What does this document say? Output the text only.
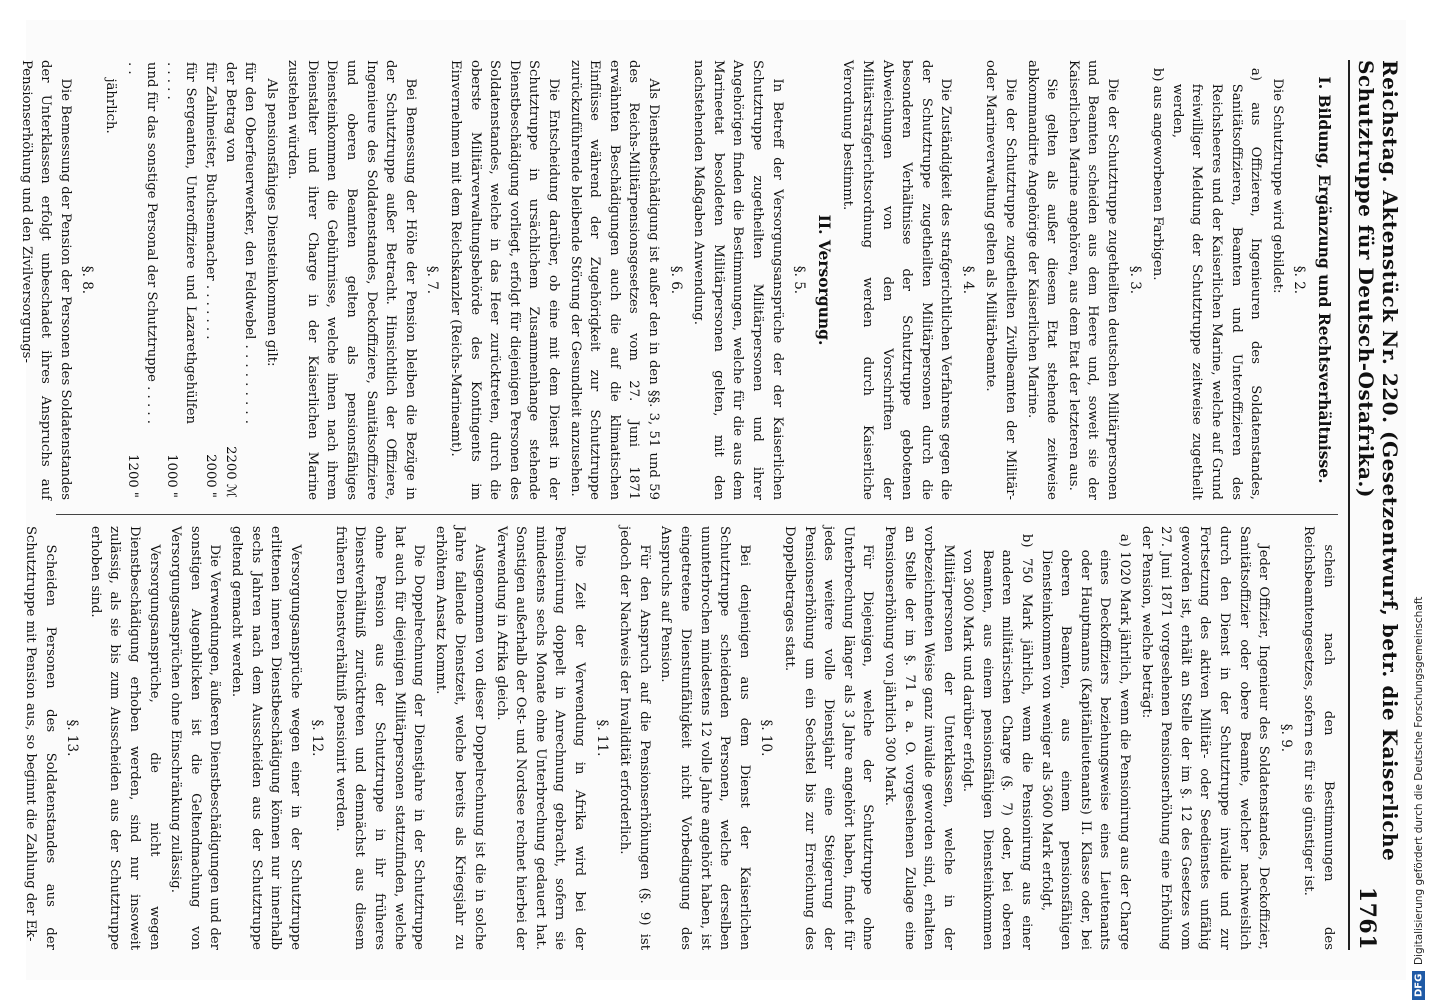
Reichstag. Aktenstück Nr. 220. (Gesetzentwurf, betr. die Kaiserliche Schutztruppe für Deutsch-Ostafrika.)
1761
I. Bildung, Ergänzung und Rechtsverhältnisse.
§. 2.

Die Schutztruppe wird gebildet:

a) aus Offizieren, Ingenieuren des Soldatenstandes, Sanitätsoffizieren, Beamten und Unteroffizieren des Reichsheeres und der Kaiserlichen Marine, welche auf Grund freiwilliger Meldung der Schutztruppe zeitweise zugetheilt werden,

b) aus angeworbenen Farbigen.

§. 3.

Die der Schutztruppe zugetheilten deutschen Militärpersonen und Beamten scheiden aus dem Heere und, soweit sie der Kaiserlichen Marine angehören, aus dem Etat der letzteren aus.

Sie gelten als außer diesem Etat stehende zeitweise abkommandirte Angehörige der Kaiserlichen Marine.

Die der Schutztruppe zugetheilten Zivilbeamten der Militär- oder Marineverwaltung gelten als Militärbeamte.

§. 4.

Die Zuständigkeit des strafgerichtlichen Verfahrens gegen die der Schutztruppe zugetheilten Militärpersonen durch die besonderen Verhältnisse der Schutztruppe gebotenen Abweichungen von den Vorschriften der Militärstrafgerichtsordnung werden durch Kaiserliche Verordnung bestimmt.

II. Versorgung.
§. 5.

In Betreff der Versorgungsansprüche der der Kaiserlichen Schutztruppe zugetheilten Militärpersonen und ihrer Angehörigen finden die Bestimmungen, welche für die aus dem Marineetat besoldeten Militärpersonen gelten, mit den nachstehenden Maßgaben Anwendung.

§. 6.

Als Dienstbeschädigung ist außer den in den §§. 3, 51 und 59 des Reichs-Militärpensionsgesetzes vom 27. Juni 1871 erwähnten Beschädigungen auch die auf die klimatischen Einflüsse während der Zugehörigkeit zur Schutztruppe zurückzuführende bleibende Störung der Gesundheit anzusehen.

Die Entscheidung darüber, ob eine mit dem Dienst in der Schutztruppe in ursächlichem Zusammenhange stehende Dienstbeschädigung vorliegt, erfolgt für diejenigen Personen des Soldatenstandes, welche in das Heer zurücktreten, durch die oberste Militärverwaltungsbehörde des Kontingents im Einvernehmen mit dem Reichskanzler (Reichs-Marineamt).

§. 7.

Bei Bemessung der Höhe der Pension bleiben die Bezüge in der Schutztruppe außer Betracht. Hinsichtlich der Offiziere, Ingenieure des Soldatenstandes, Deckoffiziere, Sanitätsoffiziere und oberen Beamten gelten als pensionsfähiges Diensteinkommen die Gebührnisse, welche ihnen nach ihrem Dienstalter und ihrer Charge in der Kaiserlichen Marine zustehen würden.

Als pensionsfähiges Diensteinkommen gilt:

für den Oberfeuerwerker, den Feldwebel . . . . . . . . . der Betrag von	2200 ℳ
für Zahlmeister, Buchsenmacher . . . . . . .	2000 "
für Sergeanten, Unteroffiziere und Lazarethgehülfen . . . . .	1000 "
und für das sonstige Personal der Schutztruppe . . . . . . .	1200 "

jährlich.

§. 8.

Die Bemessung der Pension der Personen des Soldatenstandes der Unterklassen erfolgt unbeschadet ihres Anspruchs auf Pensionserhöhung und den Zivilversorgungs-

schein nach den Bestimmungen des Reichsbeamtengesetzes, sofern es für sie günstiger ist.

§. 9.

Jeder Offizier, Ingenieur des Soldatenstandes, Deckoffizier, Sanitätsoffizier oder obere Beamte, welcher nachweislich durch den Dienst in der Schutztruppe invalide und zur Fortsetzung des aktiven Militär- oder Seedienstes unfähig geworden ist, erhält an Stelle der im §. 12 des Gesetzes vom 27. Juni 1871 vorgesehenen Pensionserhöhung eine Erhöhung der Pension, welche beträgt:

a) 1020 Mark jährlich, wenn die Pensionirung aus der Charge eines Deckoffiziers beziehungsweise eines Lieutenants oder Hauptmanns (Kapitänlieutenants) II. Klasse oder, bei oberen Beamten, aus einem pensionsfähigen Diensteinkommen von weniger als 3600 Mark erfolgt,

b) 750 Mark jährlich, wenn die Pensionirung aus einer anderen militärischen Charge (§. 7) oder, bei oberen Beamten, aus einem pensionsfähigen Diensteinkommen von 3600 Mark und darüber erfolgt.

Militärpersonen der Unterklassen, welche in der vorbezeichneten Weise ganz invalide geworden sind, erhalten an Stelle der im §. 71 a. a. O. vorgesehenen Zulage eine Pensionserhöhung von jährlich 300 Mark.

Für Diejenigen, welche der Schutztruppe ohne Unterbrechung länger als 3 Jahre angehört haben, findet für jedes weitere volle Dienstjahr eine Steigerung der Pensionserhöhung um ein Sechstel bis zur Erreichung des Doppelbetrages statt.

§. 10.

Bei denjenigen aus dem Dienst der Kaiserlichen Schutztruppe scheidenden Personen, welche derselben ununterbrochen mindestens 12 volle Jahre angehört haben, ist eingetretene Dienstunfähigkeit nicht Vorbedingung des Anspruchs auf Pension.

Für den Anspruch auf die Pensionserhöhungen (§. 9) ist jedoch der Nachweis der Invalidität erforderlich.

§. 11.

Die Zeit der Verwendung in Afrika wird bei der Pensionirung doppelt in Anrechnung gebracht, sofern sie mindestens sechs Monate ohne Unterbrechung gedauert hat. Sonstigen außerhalb der Ost- und Nordsee rechnet hierbei der Verwendung in Afrika gleich.

Ausgenommen von dieser Doppelrechnung ist die in solche Jahre fallende Dienstzeit, welche bereits als Kriegsjahr zu erhöhtem Ansatz kommt.

Die Doppelrechnung der Dienstjahre in der Schutztruppe hat auch für diejenigen Militärpersonen stattzufinden, welche ohne Pension aus der Schutztruppe in ihr früheres Dienstverhältniß zurücktreten und demnächst aus diesem früheren Dienstverhältniß pensionirt werden.

§. 12.

Versorgungsansprüche wegen einer in der Schutztruppe erlittenen inneren Dienstbeschädigung können nur innerhalb sechs Jahren nach dem Ausscheiden aus der Schutztruppe geltend gemacht werden.

Die Verwendungen, äußeren Dienstbeschädigungen und der sonstigen Augenblicken ist die Geltendmachung von Versorgungsansprüchen ohne Einschränkung zulässig.

Versorgungsansprüche, die nicht wegen Dienstbeschädigung erhoben werden, sind nur insoweit zulässig, als sie bis zum Ausscheiden aus der Schutztruppe erhoben sind.

§. 13.

Scheiden Personen des Soldatenstandes aus der Schutztruppe mit Pension aus, so beginnt die Zahlung der Ek-

DFG
Digitalisierung gefördert durch die Deutsche Forschungsgemeinschaft
